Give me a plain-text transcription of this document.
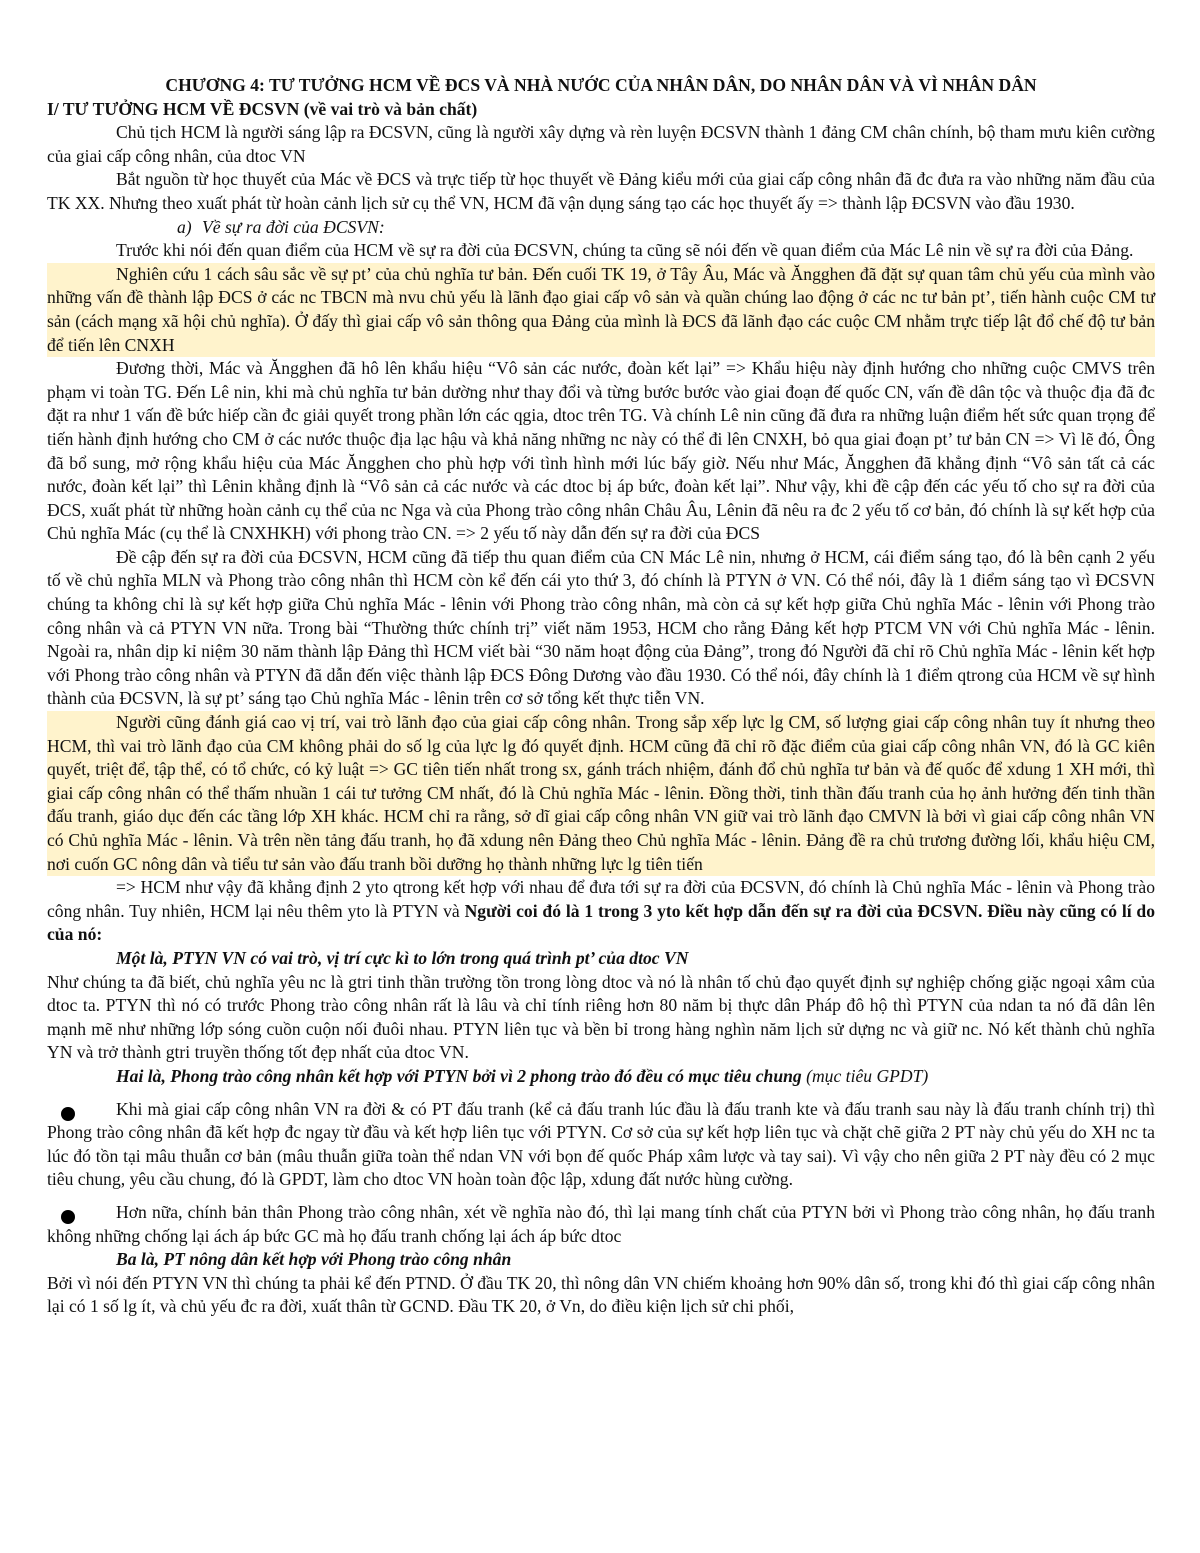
CHƯƠNG 4: TƯ TƯỞNG HCM VỀ ĐCS VÀ NHÀ NƯỚC CỦA NHÂN DÂN, DO NHÂN DÂN VÀ VÌ NHÂN DÂN

I/ TƯ TƯỞNG HCM VỀ ĐCSVN (về vai trò và bản chất)

Chủ tịch HCM là người sáng lập ra ĐCSVN, cũng là người xây dựng và rèn luyện ĐCSVN thành 1 đảng CM chân chính, bộ tham mưu kiên cường của giai cấp công nhân, của dtoc VN

Bắt nguồn từ học thuyết của Mác về ĐCS và trực tiếp từ học thuyết về Đảng kiểu mới của giai cấp công nhân đã đc đưa ra vào những năm đầu của TK XX. Nhưng theo xuất phát từ hoàn cảnh lịch sử cụ thể VN, HCM đã vận dụng sáng tạo các học thuyết ấy => thành lập ĐCSVN vào đầu 1930.

a) Về sự ra đời của ĐCSVN:

Trước khi nói đến quan điểm của HCM về sự ra đời của ĐCSVN, chúng ta cũng sẽ nói đến về quan điểm của Mác Lê nin về sự ra đời của Đảng.

Nghiên cứu 1 cách sâu sắc về sự pt’ của chủ nghĩa tư bản. Đến cuối TK 19, ở Tây Âu, Mác và Ăngghen đã đặt sự quan tâm chủ yếu của mình vào những vấn đề thành lập ĐCS ở các nc TBCN mà nvu chủ yếu là lãnh đạo giai cấp vô sản và quần chúng lao động ở các nc tư bản pt’, tiến hành cuộc CM tư sản (cách mạng xã hội chủ nghĩa). Ở đấy thì giai cấp vô sản thông qua Đảng của mình là ĐCS đã lãnh đạo các cuộc CM nhằm trực tiếp lật đổ chế độ tư bản để tiến lên CNXH

Đương thời, Mác và Ăngghen đã hô lên khẩu hiệu “Vô sản các nước, đoàn kết lại” => Khẩu hiệu này định hướng cho những cuộc CMVS trên phạm vi toàn TG. Đến Lê nin, khi mà chủ nghĩa tư bản dường như thay đổi và từng bước bước vào giai đoạn đế quốc CN, vấn đề dân tộc và thuộc địa đã đc đặt ra như 1 vấn đề bức hiếp cần đc giải quyết trong phần lớn các qgia, dtoc trên TG. Và chính Lê nin cũng đã đưa ra những luận điểm hết sức quan trọng để tiến hành định hướng cho CM ở các nước thuộc địa lạc hậu và khả năng những nc này có thể đi lên CNXH, bỏ qua giai đoạn pt’ tư bản CN => Vì lẽ đó, Ông đã bổ sung, mở rộng khẩu hiệu của Mác Ăngghen cho phù hợp với tình hình mới lúc bấy giờ. Nếu như Mác, Ăngghen đã khẳng định “Vô sản tất cả các nước, đoàn kết lại” thì Lênin khẳng định là “Vô sản cả các nước và các dtoc bị áp bức, đoàn kết lại”. Như vậy, khi đề cập đến các yếu tố cho sự ra đời của ĐCS, xuất phát từ những hoàn cảnh cụ thể của nc Nga và của Phong trào công nhân Châu Âu, Lênin đã nêu ra đc 2 yếu tố cơ bản, đó chính là sự kết hợp của Chủ nghĩa Mác (cụ thể là CNXHKH) với phong trào CN. => 2 yếu tố này dẫn đến sự ra đời của ĐCS

Đề cập đến sự ra đời của ĐCSVN, HCM cũng đã tiếp thu quan điểm của CN Mác Lê nin, nhưng ở HCM, cái điểm sáng tạo, đó là bên cạnh 2 yếu tố về chủ nghĩa MLN và Phong trào công nhân thì HCM còn kể đến cái yto thứ 3, đó chính là PTYN ở VN. Có thể nói, đây là 1 điểm sáng tạo vì ĐCSVN chúng ta không chỉ là sự kết hợp giữa Chủ nghĩa Mác - lênin với Phong trào công nhân, mà còn cả sự kết hợp giữa Chủ nghĩa Mác - lênin với Phong trào công nhân và cả PTYN VN nữa. Trong bài “Thường thức chính trị” viết năm 1953, HCM cho rằng Đảng kết hợp PTCM VN với Chủ nghĩa Mác - lênin. Ngoài ra, nhân dịp kỉ niệm 30 năm thành lập Đảng thì HCM viết bài “30 năm hoạt động của Đảng”, trong đó Người đã chỉ rõ Chủ nghĩa Mác - lênin kết hợp với Phong trào công nhân và PTYN đã dẫn đến việc thành lập ĐCS Đông Dương vào đầu 1930. Có thể nói, đây chính là 1 điểm qtrong của HCM về sự hình thành của ĐCSVN, là sự pt’ sáng tạo Chủ nghĩa Mác - lênin trên cơ sở tổng kết thực tiễn VN.

Người cũng đánh giá cao vị trí, vai trò lãnh đạo của giai cấp công nhân. Trong sắp xếp lực lg CM, số lượng giai cấp công nhân tuy ít nhưng theo HCM, thì vai trò lãnh đạo của CM không phải do số lg của lực lg đó quyết định. HCM cũng đã chỉ rõ đặc điểm của giai cấp công nhân VN, đó là GC kiên quyết, triệt để, tập thể, có tổ chức, có kỷ luật => GC tiên tiến nhất trong sx, gánh trách nhiệm, đánh đổ chủ nghĩa tư bản và đế quốc để xdung 1 XH mới, thì giai cấp công nhân có thể thấm nhuần 1 cái tư tưởng CM nhất, đó là Chủ nghĩa Mác - lênin. Đồng thời, tinh thần đấu tranh của họ ảnh hưởng đến tinh thần đấu tranh, giáo dục đến các tầng lớp XH khác. HCM chỉ ra rằng, sở dĩ giai cấp công nhân VN giữ vai trò lãnh đạo CMVN là bởi vì giai cấp công nhân VN có Chủ nghĩa Mác - lênin. Và trên nền tảng đấu tranh, họ đã xdung nên Đảng theo Chủ nghĩa Mác - lênin. Đảng đề ra chủ trương đường lối, khẩu hiệu CM, nơi cuốn GC nông dân và tiểu tư sản vào đấu tranh bồi dưỡng họ thành những lực lg tiên tiến

=> HCM như vậy đã khẳng định 2 yto qtrong kết hợp với nhau để đưa tới sự ra đời của ĐCSVN, đó chính là Chủ nghĩa Mác - lênin và Phong trào công nhân. Tuy nhiên, HCM lại nêu thêm yto là PTYN và Người coi đó là 1 trong 3 yto kết hợp dẫn đến sự ra đời của ĐCSVN. Điều này cũng có lí do của nó:

Một là, PTYN VN có vai trò, vị trí cực kì to lớn trong quá trình pt’ của dtoc VN

Như chúng ta đã biết, chủ nghĩa yêu nc là gtri tinh thần trường tồn trong lòng dtoc và nó là nhân tố chủ đạo quyết định sự nghiệp chống giặc ngoại xâm của dtoc ta. PTYN thì nó có trước Phong trào công nhân rất là lâu và chỉ tính riêng hơn 80 năm bị thực dân Pháp đô hộ thì PTYN của ndan ta nó đã dân lên mạnh mẽ như những lớp sóng cuồn cuộn nối đuôi nhau. PTYN liên tục và bền bỉ trong hàng nghìn năm lịch sử dựng nc và giữ nc. Nó kết thành chủ nghĩa YN và trở thành gtri truyền thống tốt đẹp nhất của dtoc VN.

Hai là, Phong trào công nhân kết hợp với PTYN bởi vì 2 phong trào đó đều có mục tiêu chung (mục tiêu GPDT)

Khi mà giai cấp công nhân VN ra đời & có PT đấu tranh (kể cả đấu tranh lúc đầu là đấu tranh kte và đấu tranh sau này là đấu tranh chính trị) thì Phong trào công nhân đã kết hợp đc ngay từ đầu và kết hợp liên tục với PTYN. Cơ sở của sự kết hợp liên tục và chặt chẽ giữa 2 PT này chủ yếu do XH nc ta lúc đó tồn tại mâu thuẫn cơ bản (mâu thuẫn giữa toàn thể ndan VN với bọn đế quốc Pháp xâm lược và tay sai). Vì vậy cho nên giữa 2 PT này đều có 2 mục tiêu chung, yêu cầu chung, đó là GPDT, làm cho dtoc VN hoàn toàn độc lập, xdung đất nước hùng cường.

Hơn nữa, chính bản thân Phong trào công nhân, xét về nghĩa nào đó, thì lại mang tính chất của PTYN bởi vì Phong trào công nhân, họ đấu tranh không những chống lại ách áp bức GC mà họ đấu tranh chống lại ách áp bức dtoc

Ba là, PT nông dân kết hợp với Phong trào công nhân

Bởi vì nói đến PTYN VN thì chúng ta phải kể đến PTND. Ở đầu TK 20, thì nông dân VN chiếm khoảng hơn 90% dân số, trong khi đó thì giai cấp công nhân lại có 1 số lg ít, và chủ yếu đc ra đời, xuất thân từ GCND. Đầu TK 20, ở Vn, do điều kiện lịch sử chi phối,
